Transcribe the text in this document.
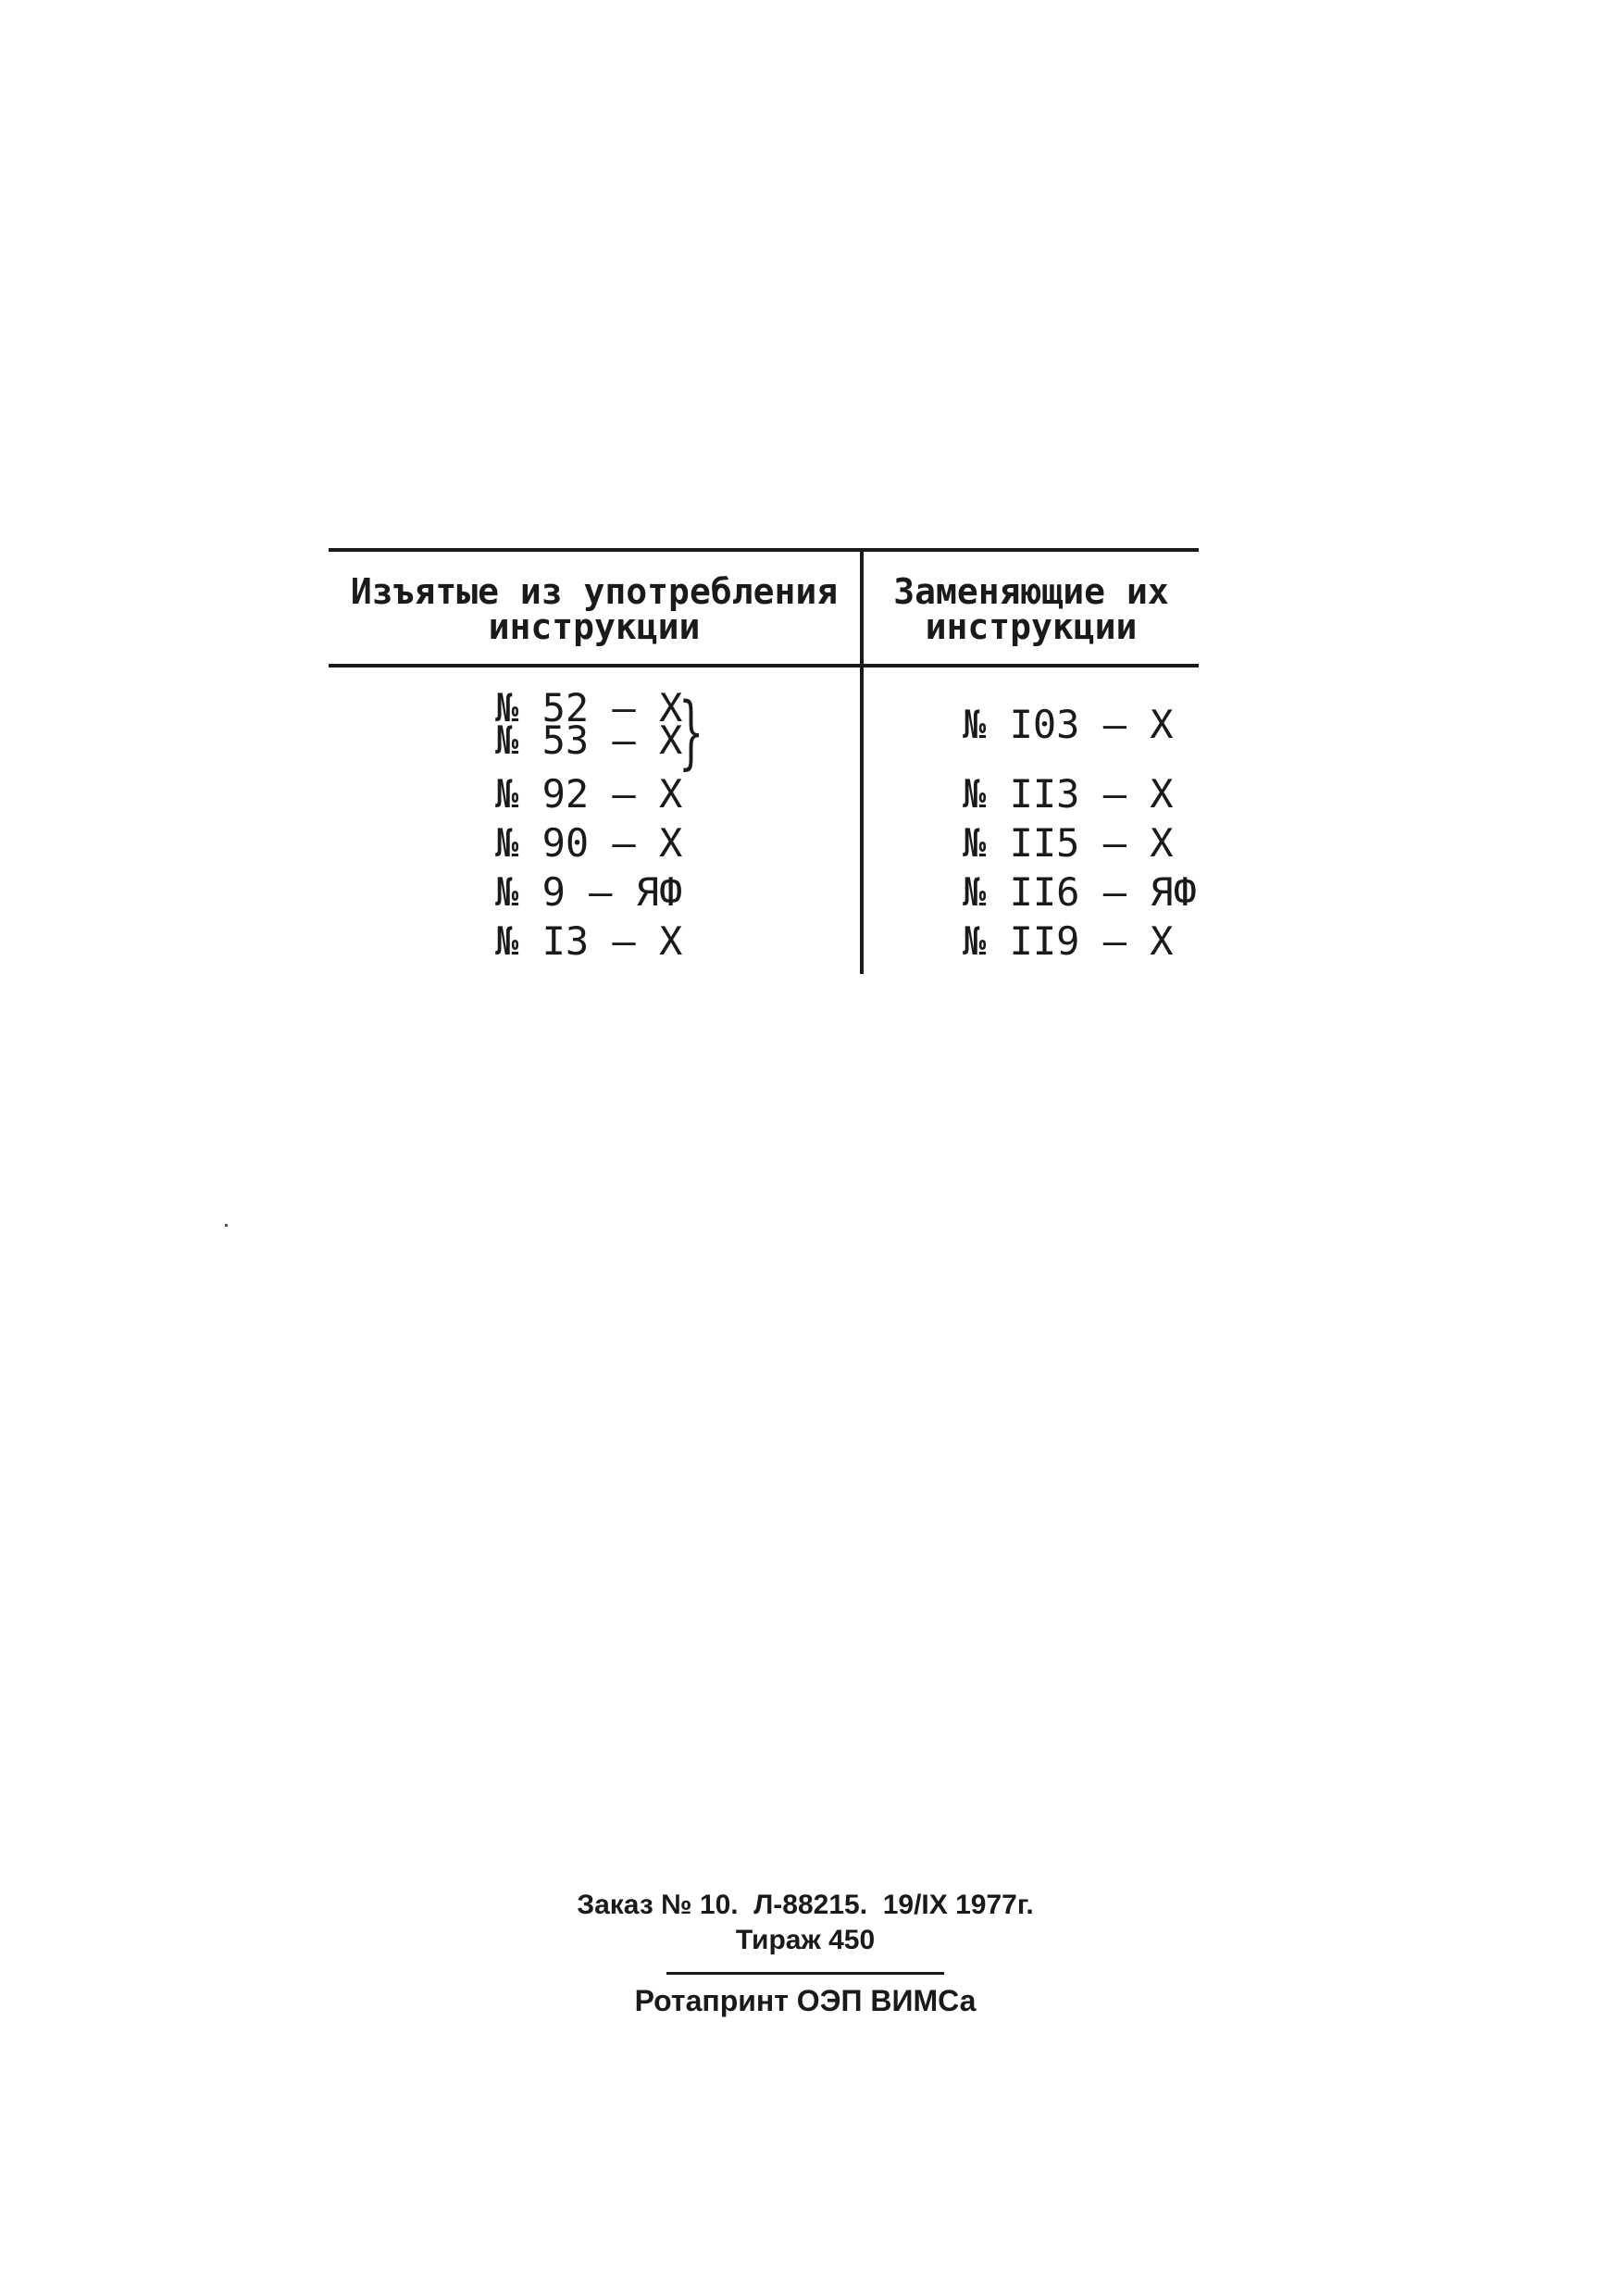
Изъятые из употребления
инструкции
Заменяющие их
инструкции
№ 52 – Х
№ 53 – Х
}
№ 92 – Х
№ 90 – Х
№ 9 – ЯФ
№ I3 – Х
№ I03 – Х
№ II3 – Х
№ II5 – Х
№ II6 – ЯФ
№ II9 – Х
Заказ № 10.  Л-88215.  19/IX 1977г.
Тираж 450
Ротапринт ОЭП ВИМСа
